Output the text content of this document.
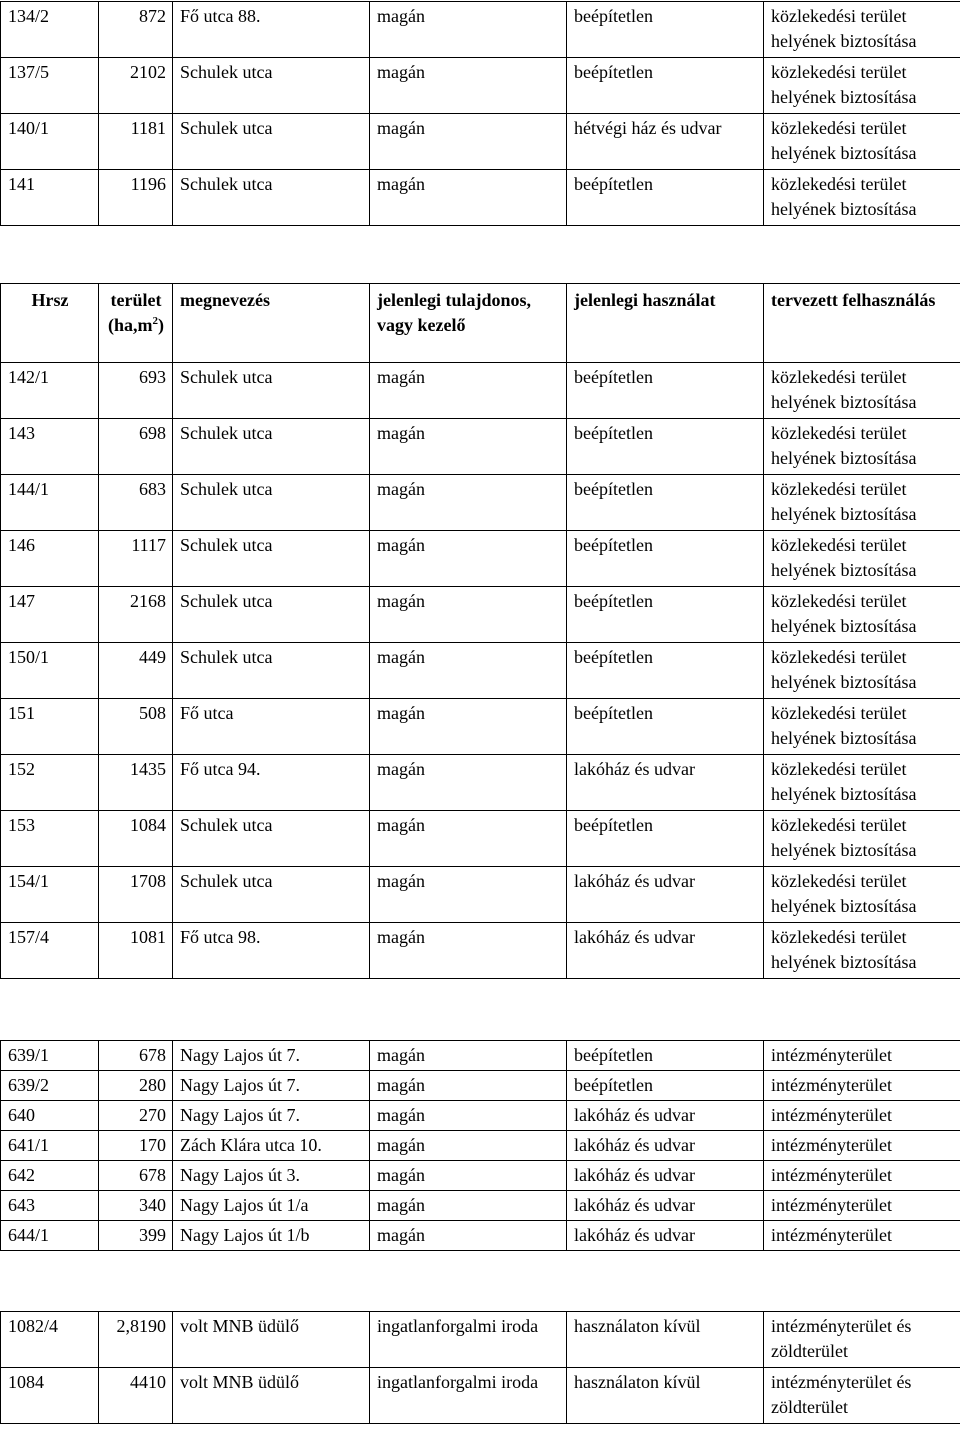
134/2	872	Fő utca 88.	magán	beépítetlen	közlekedési terület helyének biztosítása
137/5	2102	Schulek utca	magán	beépítetlen	közlekedési terület helyének biztosítása
140/1	1181	Schulek utca	magán	hétvégi ház és udvar	közlekedési terület helyének biztosítása
141	1196	Schulek utca	magán	beépítetlen	közlekedési terület helyének biztosítása
Hrsz	terület $(ha,m^2)$	megnevezés	jelenlegi tulajdonos, vagy kezelő	jelenlegi használat	tervezett felhasználás
142/1	693	Schulek utca	magán	beépítetlen	közlekedési terület helyének biztosítása
143	698	Schulek utca	magán	beépítetlen	közlekedési terület helyének biztosítása
144/1	683	Schulek utca	magán	beépítetlen	közlekedési terület helyének biztosítása
146	1117	Schulek utca	magán	beépítetlen	közlekedési terület helyének biztosítása
147	2168	Schulek utca	magán	beépítetlen	közlekedési terület helyének biztosítása
150/1	449	Schulek utca	magán	beépítetlen	közlekedési terület helyének biztosítása
151	508	Fő utca	magán	beépítetlen	közlekedési terület helyének biztosítása
152	1435	Fő utca 94.	magán	lakóház és udvar	közlekedési terület helyének biztosítása
153	1084	Schulek utca	magán	beépítetlen	közlekedési terület helyének biztosítása
154/1	1708	Schulek utca	magán	lakóház és udvar	közlekedési terület helyének biztosítása
157/4	1081	Fő utca 98.	magán	lakóház és udvar	közlekedési terület helyének biztosítása
639/1	678	Nagy Lajos út 7.	magán	beépítetlen	intézményterület
639/2	280	Nagy Lajos út 7.	magán	beépítetlen	intézményterület
640	270	Nagy Lajos út 7.	magán	lakóház és udvar	intézményterület
641/1	170	Zách Klára utca 10.	magán	lakóház és udvar	intézményterület
642	678	Nagy Lajos út 3.	magán	lakóház és udvar	intézményterület
643	340	Nagy Lajos út 1/a	magán	lakóház és udvar	intézményterület
644/1	399	Nagy Lajos út 1/b	magán	lakóház és udvar	intézményterület
1082/4	2,8190	volt MNB üdülő	ingatlanforgalmi iroda	használaton kívül	intézményterület és zöldterület
1084	4410	volt MNB üdülő	ingatlanforgalmi iroda	használaton kívül	intézményterület és zöldterület
